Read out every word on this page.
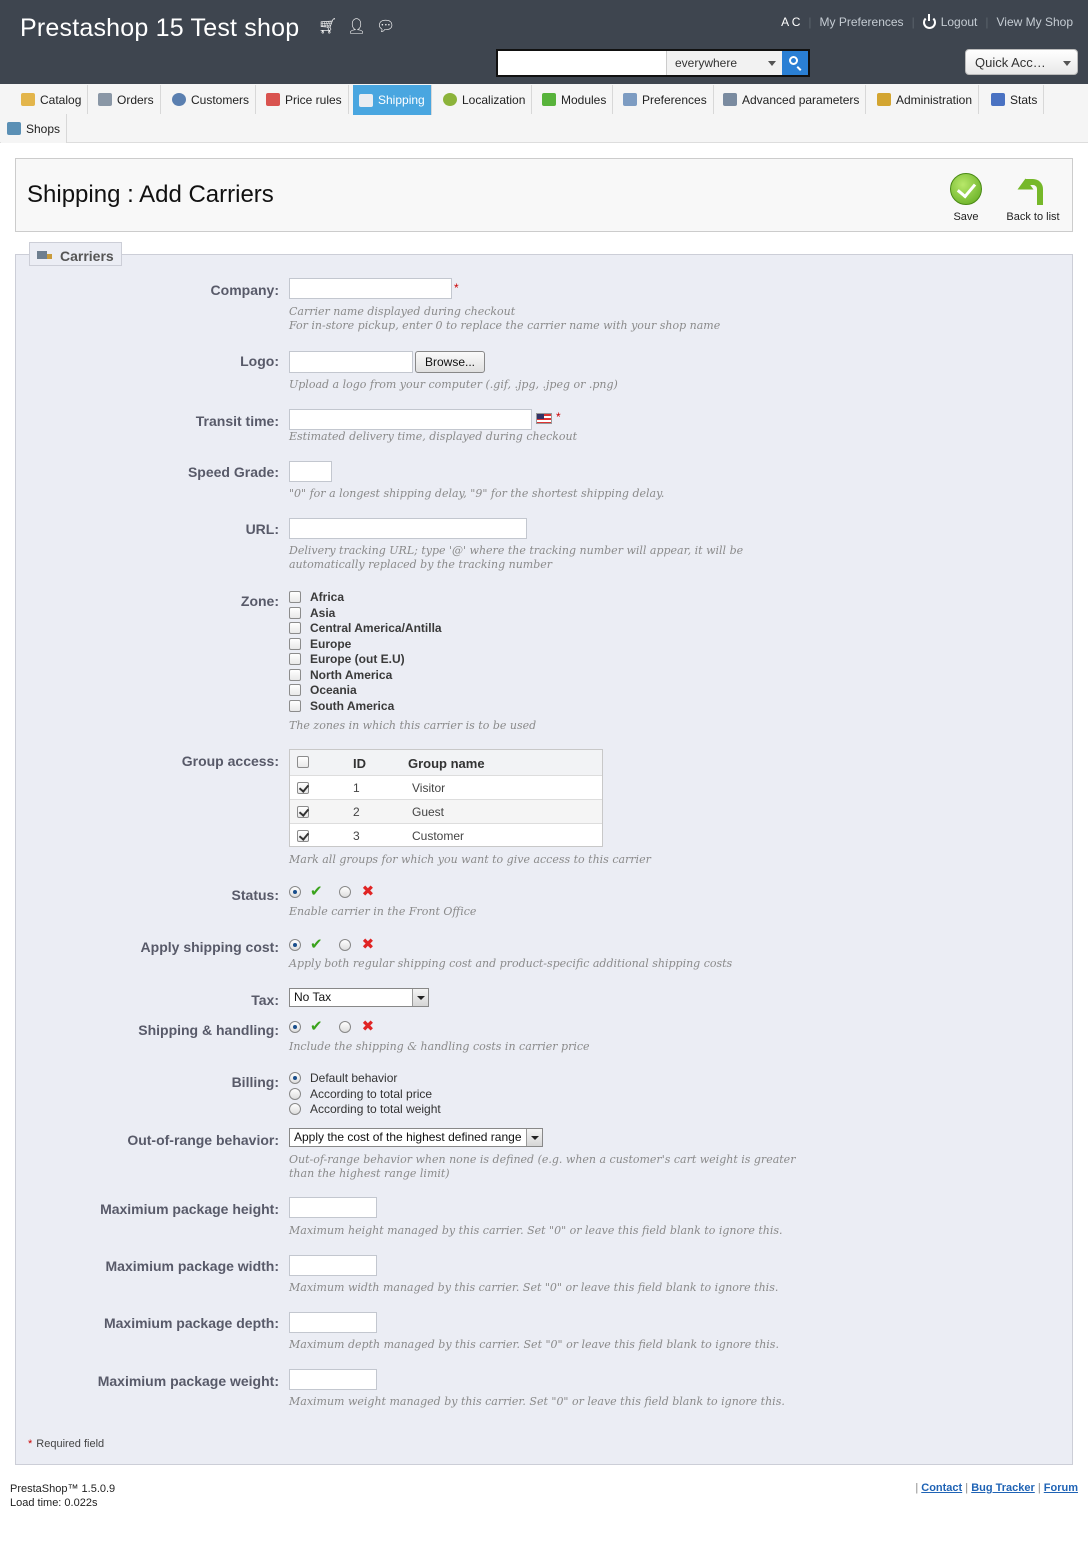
Prestashop 15 Test shop 🛒︎ 👤︎ 💬︎	A C | My Preferences | Logout | View My Shop
everywhere	Quick Acc…
Catalog	Orders	Customers	Price rules	Shipping	Localization	Modules	Preferences	Advanced parameters	Administration	Stats
Shops
Shipping : Add Carriers
Save	Back to list
Carriers
Company:	*
Carrier name displayed during checkout
For in-store pickup, enter 0 to replace the carrier name with your shop name
Logo:	Browse...
Upload a logo from your computer (.gif, .jpg, .jpeg or .png)
Transit time:	*
Estimated delivery time, displayed during checkout
Speed Grade:
"0" for a longest shipping delay, "9" for the shortest shipping delay.
URL:
Delivery tracking URL; type '@' where the tracking number will appear, it will be automatically replaced by the tracking number
Zone:	Africa
Asia
Central America/Antilla
Europe
Europe (out E.U)
North America
Oceania
South America
The zones in which this carrier is to be used
Group access:	ID	Group name
1	Visitor
2	Guest
3	Customer
Mark all groups for which you want to give access to this carrier
Status: ✔	✖
Enable carrier in the Front Office
Apply shipping cost: ✔	✖
Apply both regular shipping cost and product-specific additional shipping costs
Tax:	No Tax
Shipping & handling: ✔	✖
Include the shipping & handling costs in carrier price
Billing:	Default behavior
According to total price
According to total weight
Out-of-range behavior:	Apply the cost of the highest defined range
Out-of-range behavior when none is defined (e.g. when a customer's cart weight is greater than the highest range limit)
Maximium package height:
Maximum height managed by this carrier. Set "0" or leave this field blank to ignore this.
Maximium package width:
Maximum width managed by this carrier. Set "0" or leave this field blank to ignore this.
Maximium package depth:
Maximum depth managed by this carrier. Set "0" or leave this field blank to ignore this.
Maximium package weight:
Maximum weight managed by this carrier. Set "0" or leave this field blank to ignore this.
* Required field
PrestaShop™ 1.5.0.9
Load time: 0.022s
| Contact | Bug Tracker | Forum
